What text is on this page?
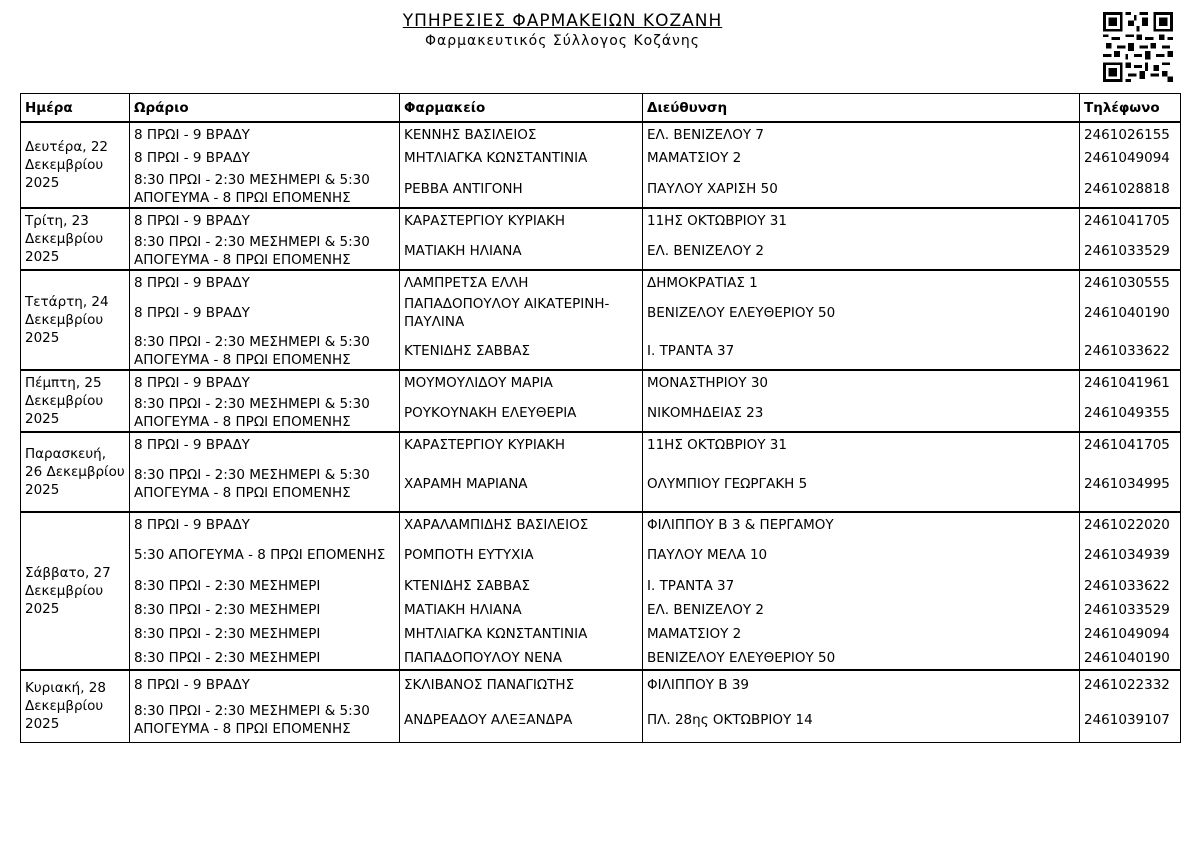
ΥΠΗΡΕΣΙΕΣ ΦΑΡΜΑΚΕΙΩΝ ΚΟΖΑΝΗ
Φαρμακευτικός Σύλλογος Κοζάνης
Ημέρα	Ωράριο	Φαρμακείο	Διεύθυνση	Τηλέφωνο
Δευτέρα, 22 Δεκεμβρίου 2025	8 ΠΡΩΙ - 9 ΒΡΑΔΥ	ΚΕΝΝΗΣ ΒΑΣΙΛΕΙΟΣ	ΕΛ. ΒΕΝΙΖΕΛΟΥ 7	2461026155
	8 ΠΡΩΙ - 9 ΒΡΑΔΥ	ΜΗΤΛΙΑΓΚΑ ΚΩΝΣΤΑΝΤΙΝΙΑ	ΜΑΜΑΤΣΙΟΥ 2	2461049094
	8:30 ΠΡΩΙ - 2:30 ΜΕΣΗΜΕΡΙ & 5:30 ΑΠΟΓΕΥΜΑ - 8 ΠΡΩΙ ΕΠΟΜΕΝΗΣ	ΡΕΒΒΑ ΑΝΤΙΓΟΝΗ	ΠΑΥΛΟΥ ΧΑΡΙΣΗ 50	2461028818
Τρίτη, 23 Δεκεμβρίου 2025	8 ΠΡΩΙ - 9 ΒΡΑΔΥ	ΚΑΡΑΣΤΕΡΓΙΟΥ ΚΥΡΙΑΚΗ	11ΗΣ ΟΚΤΩΒΡΙΟΥ 31	2461041705
	8:30 ΠΡΩΙ - 2:30 ΜΕΣΗΜΕΡΙ & 5:30 ΑΠΟΓΕΥΜΑ - 8 ΠΡΩΙ ΕΠΟΜΕΝΗΣ	ΜΑΤΙΑΚΗ ΗΛΙΑΝΑ	ΕΛ. ΒΕΝΙΖΕΛΟΥ 2	2461033529
Τετάρτη, 24 Δεκεμβρίου 2025	8 ΠΡΩΙ - 9 ΒΡΑΔΥ	ΛΑΜΠΡΕΤΣΑ ΕΛΛΗ	ΔΗΜΟΚΡΑΤΙΑΣ 1	2461030555
	8 ΠΡΩΙ - 9 ΒΡΑΔΥ	ΠΑΠΑΔΟΠΟΥΛΟΥ ΑΙΚΑΤΕΡΙΝΗ-ΠΑΥΛΙΝΑ	ΒΕΝΙΖΕΛΟΥ ΕΛΕΥΘΕΡΙΟΥ 50	2461040190
	8:30 ΠΡΩΙ - 2:30 ΜΕΣΗΜΕΡΙ & 5:30 ΑΠΟΓΕΥΜΑ - 8 ΠΡΩΙ ΕΠΟΜΕΝΗΣ	ΚΤΕΝΙΔΗΣ ΣΑΒΒΑΣ	Ι. ΤΡΑΝΤΑ 37	2461033622
Πέμπτη, 25 Δεκεμβρίου 2025	8 ΠΡΩΙ - 9 ΒΡΑΔΥ	ΜΟΥΜΟΥΛΙΔΟΥ ΜΑΡΙΑ	ΜΟΝΑΣΤΗΡΙΟΥ 30	2461041961
	8:30 ΠΡΩΙ - 2:30 ΜΕΣΗΜΕΡΙ & 5:30 ΑΠΟΓΕΥΜΑ - 8 ΠΡΩΙ ΕΠΟΜΕΝΗΣ	ΡΟΥΚΟΥΝΑΚΗ ΕΛΕΥΘΕΡΙΑ	ΝΙΚΟΜΗΔΕΙΑΣ 23	2461049355
Παρασκευή, 26 Δεκεμβρίου 2025	8 ΠΡΩΙ - 9 ΒΡΑΔΥ	ΚΑΡΑΣΤΕΡΓΙΟΥ ΚΥΡΙΑΚΗ	11ΗΣ ΟΚΤΩΒΡΙΟΥ 31	2461041705
	8:30 ΠΡΩΙ - 2:30 ΜΕΣΗΜΕΡΙ & 5:30 ΑΠΟΓΕΥΜΑ - 8 ΠΡΩΙ ΕΠΟΜΕΝΗΣ	ΧΑΡΑΜΗ ΜΑΡΙΑΝΑ	ΟΛΥΜΠΙΟΥ ΓΕΩΡΓΑΚΗ 5	2461034995
Σάββατο, 27 Δεκεμβρίου 2025	8 ΠΡΩΙ - 9 ΒΡΑΔΥ	ΧΑΡΑΛΑΜΠΙΔΗΣ ΒΑΣΙΛΕΙΟΣ	ΦΙΛΙΠΠΟΥ Β 3 & ΠΕΡΓΑΜΟΥ	2461022020
	5:30 ΑΠΟΓΕΥΜΑ - 8 ΠΡΩΙ ΕΠΟΜΕΝΗΣ	ΡΟΜΠΟΤΗ ΕΥΤΥΧΙΑ	ΠΑΥΛΟΥ ΜΕΛΑ 10	2461034939
	8:30 ΠΡΩΙ - 2:30 ΜΕΣΗΜΕΡΙ	ΚΤΕΝΙΔΗΣ ΣΑΒΒΑΣ	Ι. ΤΡΑΝΤΑ 37	2461033622
	8:30 ΠΡΩΙ - 2:30 ΜΕΣΗΜΕΡΙ	ΜΑΤΙΑΚΗ ΗΛΙΑΝΑ	ΕΛ. ΒΕΝΙΖΕΛΟΥ 2	2461033529
	8:30 ΠΡΩΙ - 2:30 ΜΕΣΗΜΕΡΙ	ΜΗΤΛΙΑΓΚΑ ΚΩΝΣΤΑΝΤΙΝΙΑ	ΜΑΜΑΤΣΙΟΥ 2	2461049094
	8:30 ΠΡΩΙ - 2:30 ΜΕΣΗΜΕΡΙ	ΠΑΠΑΔΟΠΟΥΛΟΥ ΝΕΝΑ	ΒΕΝΙΖΕΛΟΥ ΕΛΕΥΘΕΡΙΟΥ 50	2461040190
Κυριακή, 28 Δεκεμβρίου 2025	8 ΠΡΩΙ - 9 ΒΡΑΔΥ	ΣΚΛΙΒΑΝΟΣ ΠΑΝΑΓΙΩΤΗΣ	ΦΙΛΙΠΠΟΥ Β 39	2461022332
	8:30 ΠΡΩΙ - 2:30 ΜΕΣΗΜΕΡΙ & 5:30 ΑΠΟΓΕΥΜΑ - 8 ΠΡΩΙ ΕΠΟΜΕΝΗΣ	ΑΝΔΡΕΑΔΟΥ ΑΛΕΞΑΝΔΡΑ	ΠΛ. 28ης ΟΚΤΩΒΡΙΟΥ 14	2461039107
